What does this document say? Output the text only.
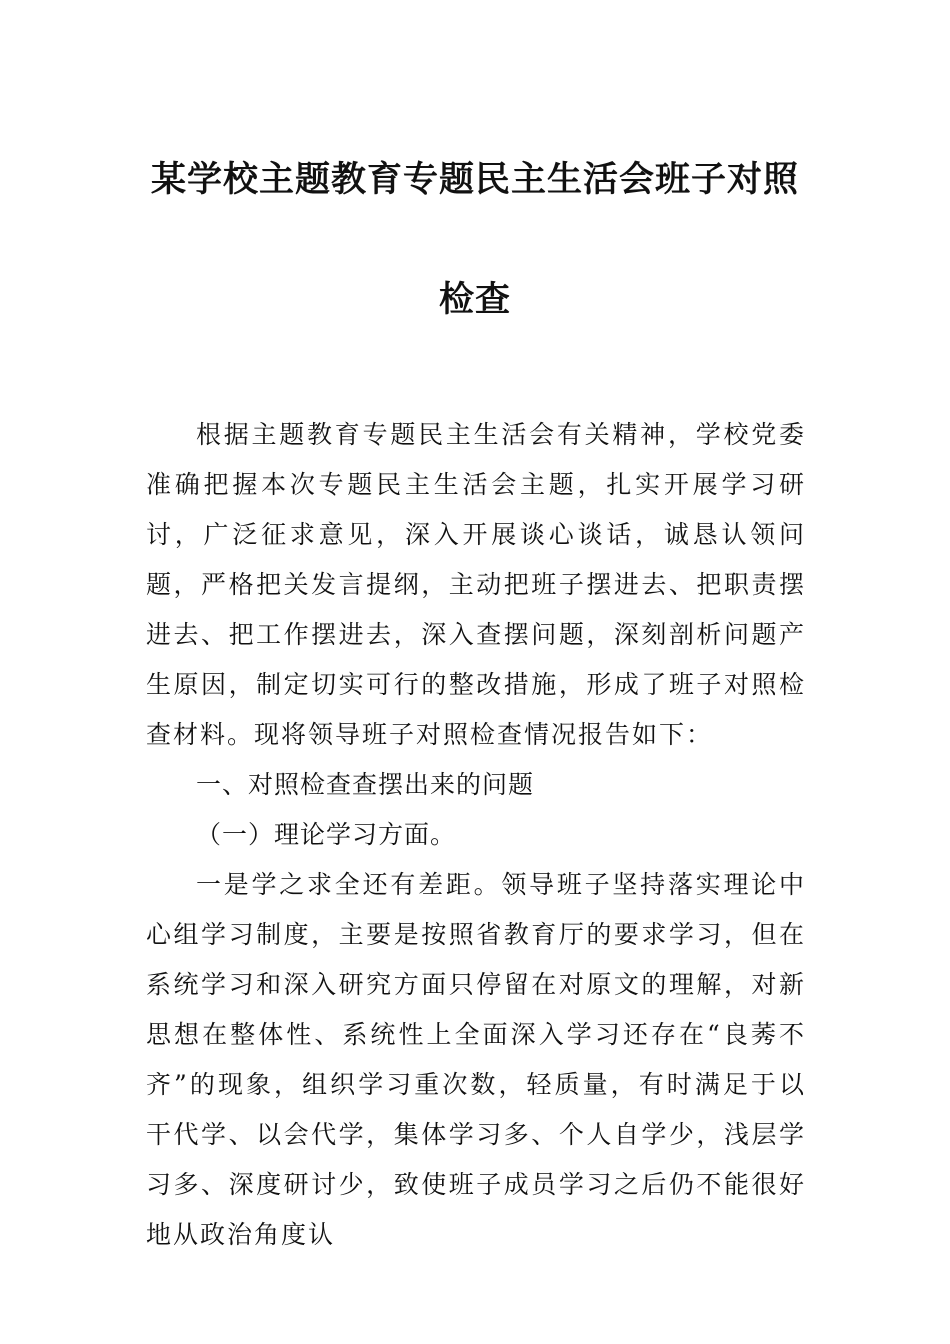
某学校主题教育专题民主生活会班子对照
检查

根据主题教育专题民主生活会有关精神，学校党委准确把握本次专题民主生活会主题，扎实开展学习研讨，广泛征求意见，深入开展谈心谈话，诚恳认领问题，严格把关发言提纲，主动把班子摆进去、把职责摆进去、把工作摆进去，深入查摆问题，深刻剖析问题产生原因，制定切实可行的整改措施，形成了班子对照检查材料。现将领导班子对照检查情况报告如下：

一、对照检查查摆出来的问题

（一）理论学习方面。

一是学之求全还有差距。领导班子坚持落实理论中心组学习制度，主要是按照省教育厅的要求学习，但在系统学习和深入研究方面只停留在对原文的理解，对新思想在整体性、系统性上全面深入学习还存在“良莠不齐”的现象，组织学习重次数，轻质量，有时满足于以干代学、以会代学，集体学习多、个人自学少，浅层学习多、深度研讨少，致使班子成员学习之后仍不能很好地从政治角度认
